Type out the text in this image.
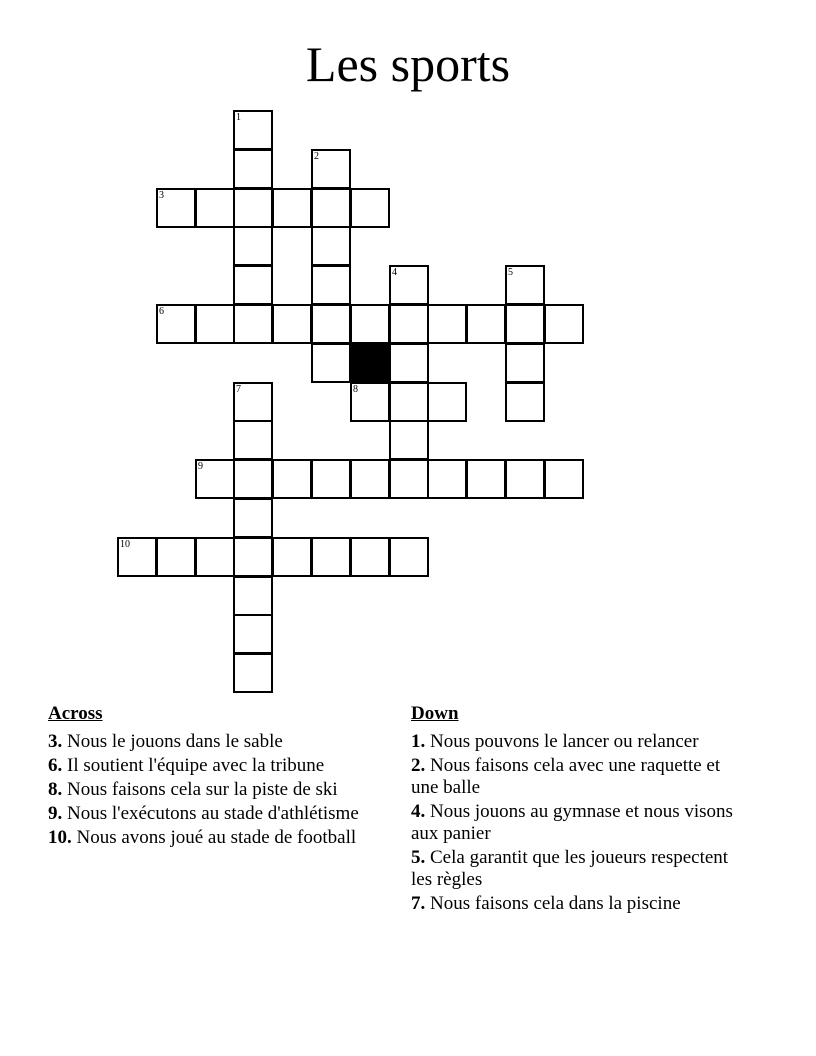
Les sports
1
2
3
4	5
6
7	8
9
10
Across
3. Nous le jouons dans le sable
6. Il soutient l'équipe avec la tribune
8. Nous faisons cela sur la piste de ski
9. Nous l'exécutons au stade d'athlétisme
10. Nous avons joué au stade de football
Down
1. Nous pouvons le lancer ou relancer
2. Nous faisons cela avec une raquette et une balle
4. Nous jouons au gymnase et nous visons aux panier
5. Cela garantit que les joueurs respectent les règles
7. Nous faisons cela dans la piscine
